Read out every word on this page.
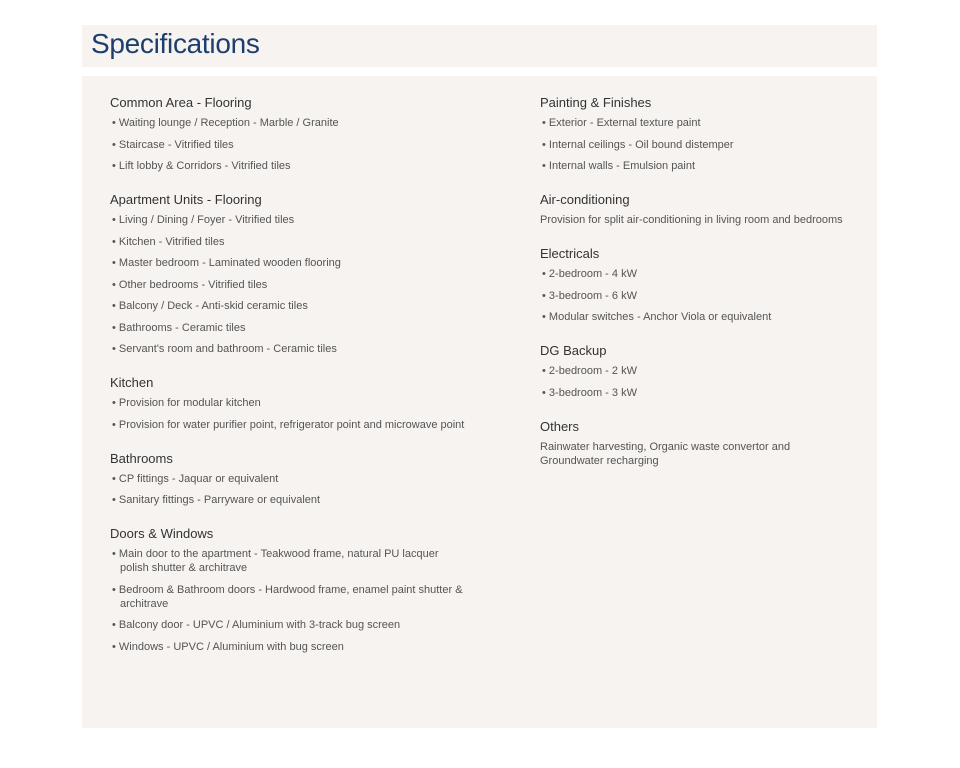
Specifications
Common Area - Flooring
• Waiting lounge / Reception - Marble / Granite
• Staircase - Vitrified tiles
• Lift lobby & Corridors - Vitrified tiles
Apartment Units - Flooring
• Living / Dining / Foyer - Vitrified tiles
• Kitchen - Vitrified tiles
• Master bedroom - Laminated wooden flooring
• Other bedrooms - Vitrified tiles
• Balcony / Deck - Anti-skid ceramic tiles
• Bathrooms - Ceramic tiles
• Servant's room and bathroom - Ceramic tiles
Kitchen
• Provision for modular kitchen
• Provision for water purifier point, refrigerator point and microwave point
Bathrooms
• CP fittings - Jaquar or equivalent
• Sanitary fittings - Parryware or equivalent
Doors & Windows
• Main door to the apartment - Teakwood frame, natural PU lacquer polish shutter & architrave
• Bedroom & Bathroom doors - Hardwood frame, enamel paint shutter & architrave
• Balcony door - UPVC / Aluminium with 3-track bug screen
• Windows - UPVC / Aluminium with bug screen
Painting & Finishes
• Exterior - External texture paint
• Internal ceilings - Oil bound distemper
• Internal walls - Emulsion paint
Air-conditioning

Provision for split air-conditioning in living room and bedrooms

Electricals
• 2-bedroom - 4 kW
• 3-bedroom - 6 kW
• Modular switches - Anchor Viola or equivalent
DG Backup
• 2-bedroom - 2 kW
• 3-bedroom - 3 kW
Others

Rainwater harvesting, Organic waste convertor and Groundwater recharging
